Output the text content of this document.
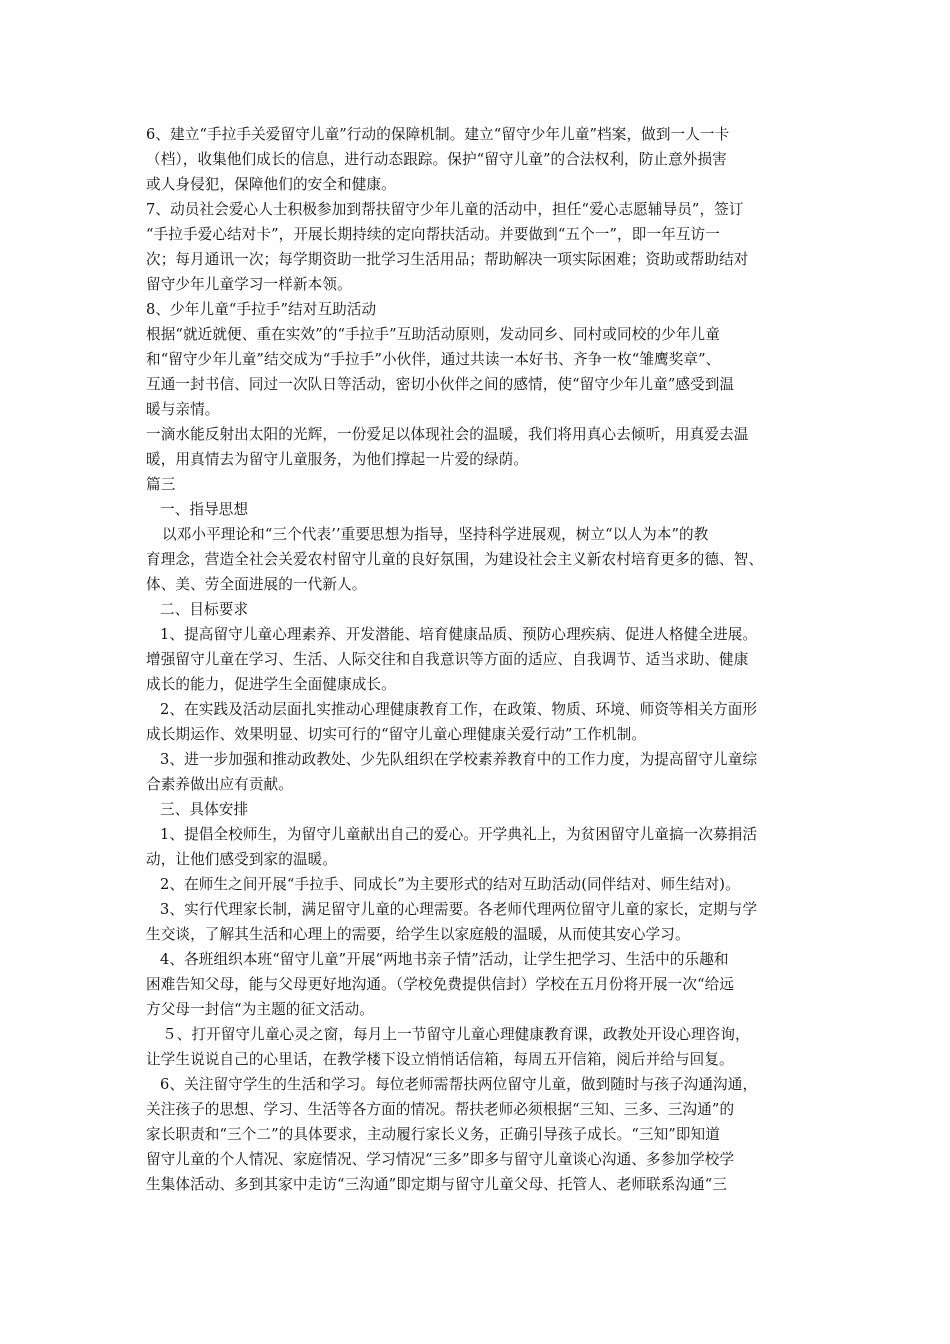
6、建立“手拉手关爱留守儿童”行动的保障机制。建立“留守少年儿童”档案，做到一人一卡
（档），收集他们成长的信息，进行动态跟踪。保护“留守儿童”的合法权利，防止意外损害
或人身侵犯，保障他们的安全和健康。
7、动员社会爱心人士积极参加到帮扶留守少年儿童的活动中，担任“爱心志愿辅导员”，签订
“手拉手爱心结对卡”，开展长期持续的定向帮扶活动。并要做到“五个一”，即一年互访一
次；每月通讯一次；每学期资助一批学习生活用品；帮助解决一项实际困难；资助或帮助结对
留守少年儿童学习一样新本领。
8、少年儿童“手拉手”结对互助活动
根据“就近就便、重在实效”的“手拉手”互助活动原则，发动同乡、同村或同校的少年儿童
和“留守少年儿童”结交成为“手拉手”小伙伴，通过共读一本好书、齐争一枚“雏鹰奖章”、
互通一封书信、同过一次队日等活动，密切小伙伴之间的感情，使“留守少年儿童”感受到温
暖与亲情。
一滴水能反射出太阳的光辉，一份爱足以体现社会的温暖，我们将用真心去倾听，用真爱去温
暖，用真情去为留守儿童服务，为他们撑起一片爱的绿荫。
篇三
一、指导思想
以邓小平理论和“三个代表’’重要思想为指导，坚持科学进展观，树立“以人为本”的教
育理念，营造全社会关爱农村留守儿童的良好氛围，为建设社会主义新农村培育更多的德、智、
体、美、劳全面进展的一代新人。
二、目标要求
1、提高留守儿童心理素养、开发潜能、培育健康品质、预防心理疾病、促进人格健全进展。
增强留守儿童在学习、生活、人际交往和自我意识等方面的适应、自我调节、适当求助、健康
成长的能力，促进学生全面健康成长。
2、在实践及活动层面扎实推动心理健康教育工作，在政策、物质、环境、师资等相关方面形
成长期运作、效果明显、切实可行的“留守儿童心理健康关爱行动”工作机制。
3、进一步加强和推动政教处、少先队组织在学校素养教育中的工作力度，为提高留守儿童综
合素养做出应有贡献。
三、具体安排
1、提倡全校师生，为留守儿童献出自己的爱心。开学典礼上，为贫困留守儿童搞一次募捐活
动，让他们感受到家的温暖。
2、在师生之间开展“手拉手、同成长”为主要形式的结对互助活动(同伴结对、师生结对)。
3、实行代理家长制，满足留守儿童的心理需要。各老师代理两位留守儿童的家长，定期与学
生交谈，了解其生活和心理上的需要，给学生以家庭般的温暖，从而使其安心学习。
4、各班组织本班“留守儿童”开展“两地书亲子情”活动，让学生把学习、生活中的乐趣和
困难告知父母，能与父母更好地沟通。（学校免费提供信封）学校在五月份将开展一次“给远
方父母一封信“为主题的征文活动。
５、打开留守儿童心灵之窗，每月上一节留守儿童心理健康教育课，政教处开设心理咨询，
让学生说说自己的心里话，在教学楼下设立悄悄话信箱，每周五开信箱，阅后并给与回复。
6、关注留守学生的生活和学习。每位老师需帮扶两位留守儿童，做到随时与孩子沟通沟通，
关注孩子的思想、学习、生活等各方面的情况。帮扶老师必须根据“三知、三多、三沟通”的
家长职责和“三个二”的具体要求，主动履行家长义务，正确引导孩子成长。“三知”即知道
留守儿童的个人情况、家庭情况、学习情况“三多”即多与留守儿童谈心沟通、多参加学校学
生集体活动、多到其家中走访“三沟通”即定期与留守儿童父母、托管人、老师联系沟通“三
